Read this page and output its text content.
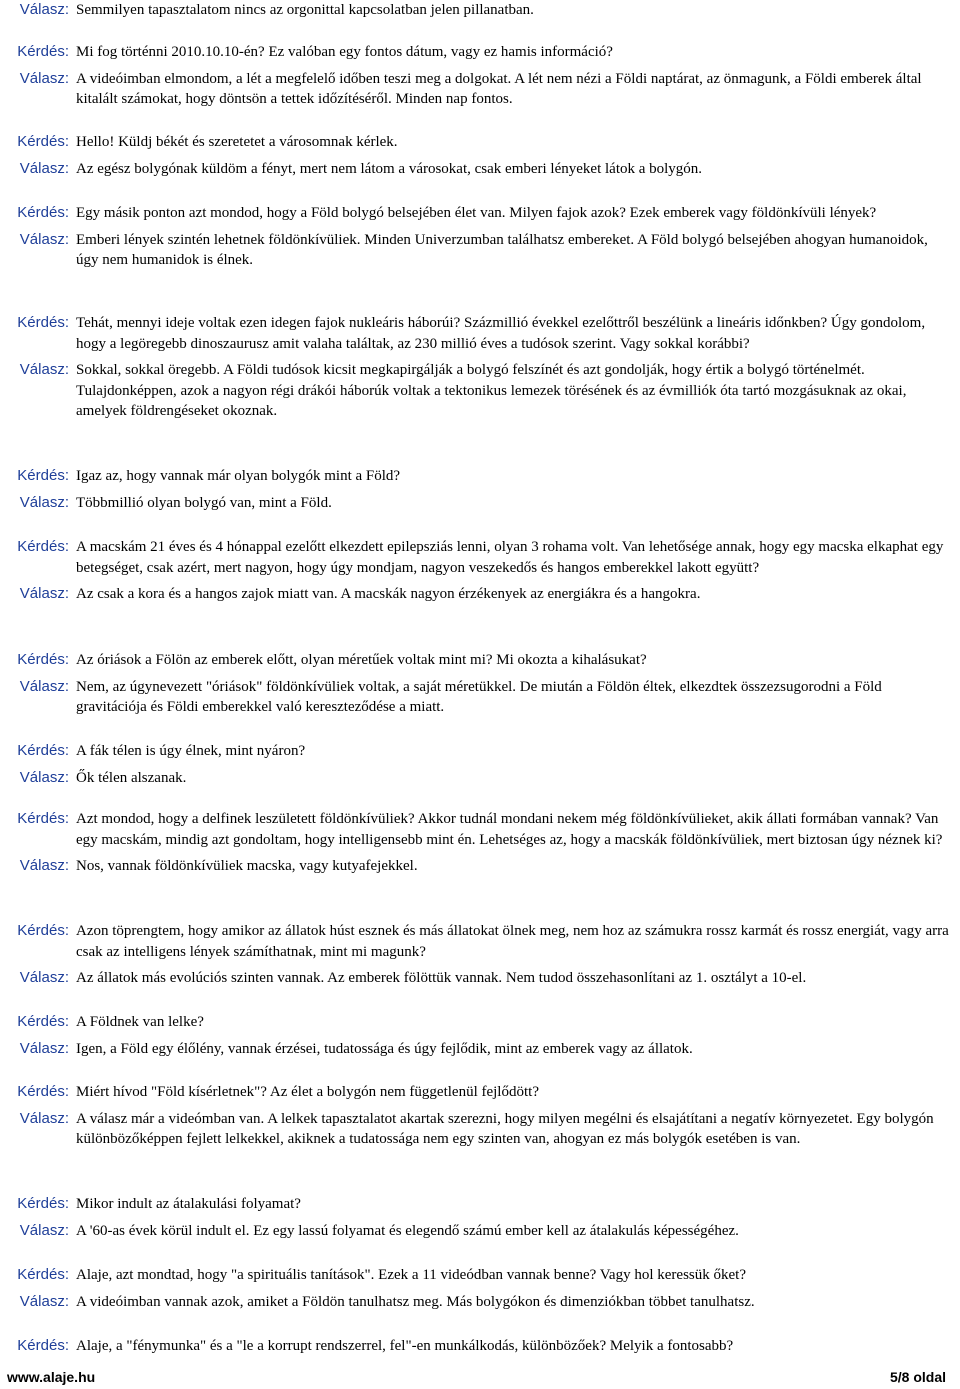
Válasz: Semmilyen tapasztalatom nincs az orgonittal kapcsolatban jelen pillanatban.
Kérdés: Mi fog történni 2010.10.10-én? Ez valóban egy fontos dátum, vagy ez hamis információ?
Válasz: A videóimban elmondom, a lét a megfelelő időben teszi meg a dolgokat. A lét nem nézi a Földi naptárat, az önmagunk, a Földi emberek által kitalált számokat, hogy döntsön a tettek időzítéséről. Minden nap fontos.
Kérdés: Hello! Küldj békét és szeretetet a városomnak kérlek.
Válasz: Az egész bolygónak küldöm a fényt, mert nem látom a városokat, csak emberi lényeket látok a bolygón.
Kérdés: Egy másik ponton azt mondod, hogy a Föld bolygó belsejében élet van. Milyen fajok azok? Ezek emberek vagy földönkívüli lények?
Válasz: Emberi lények szintén lehetnek földönkívüliek. Minden Univerzumban találhatsz embereket. A Föld bolygó belsejében ahogyan humanoidok, úgy nem humanidok is élnek.
Kérdés: Tehát, mennyi ideje voltak ezen idegen fajok nukleáris háborúi? Százmillió évekkel ezelőttről beszélünk a lineáris időnkben? Úgy gondolom, hogy a legöregebb dinoszaurusz amit valaha találtak, az 230 millió éves a tudósok szerint. Vagy sokkal korábbi?
Válasz: Sokkal, sokkal öregebb. A Földi tudósok kicsit megkapirgálják a bolygó felszínét és azt gondolják, hogy értik a bolygó történelmét. Tulajdonképpen, azok a nagyon régi drákói háborúk voltak a tektonikus lemezek törésének és az évmilliók óta tartó mozgásuknak az okai, amelyek földrengéseket okoznak.
Kérdés: Igaz az, hogy vannak már olyan bolygók mint a Föld?
Válasz: Többmillió olyan bolygó van, mint a Föld.
Kérdés: A macskám 21 éves és 4 hónappal ezelőtt elkezdett epilepsziás lenni, olyan 3 rohama volt. Van lehetősége annak, hogy egy macska elkaphat egy betegséget, csak azért, mert nagyon, hogy úgy mondjam, nagyon veszekedős és hangos emberekkel lakott együtt?
Válasz: Az csak a kora és a hangos zajok miatt van. A macskák nagyon érzékenyek az energiákra és a hangokra.
Kérdés: Az óriások a Fölön az emberek előtt, olyan méretűek voltak mint mi? Mi okozta a kihalásukat?
Válasz: Nem, az úgynevezett "óriások" földönkívüliek voltak, a saját méretükkel. De miután a Földön éltek, elkezdtek összezsugorodni a Föld gravitációja és Földi emberekkel való kereszteződése a miatt.
Kérdés: A fák télen is úgy élnek, mint nyáron?
Válasz: Ők télen alszanak.
Kérdés: Azt mondod, hogy a delfinek leszületett földönkívüliek? Akkor tudnál mondani nekem még földönkívülieket, akik állati formában vannak? Van egy macskám, mindig azt gondoltam, hogy intelligensebb mint én. Lehetséges az, hogy a macskák földönkívüliek, mert biztosan úgy néznek ki?
Válasz: Nos, vannak földönkívüliek macska, vagy kutyafejekkel.
Kérdés: Azon töprengtem, hogy amikor az állatok húst esznek és más állatokat ölnek meg, nem hoz az számukra rossz karmát és rossz energiát, vagy arra csak az intelligens lények számíthatnak, mint mi magunk?
Válasz: Az állatok más evolúciós szinten vannak. Az emberek fölöttük vannak. Nem tudod összehasonlítani az 1. osztályt a 10-el.
Kérdés: A Földnek van lelke?
Válasz: Igen, a Föld egy élőlény, vannak érzései, tudatossága és úgy fejlődik, mint az emberek vagy az állatok.
Kérdés: Miért hívod "Föld kísérletnek"? Az élet a bolygón nem függetlenül fejlődött?
Válasz: A válasz már a videómban van. A lelkek tapasztalatot akartak szerezni, hogy milyen megélni és elsajátítani a negatív környezetet. Egy bolygón különbözőképpen fejlett lelkekkel, akiknek a tudatossága nem egy szinten van, ahogyan ez más bolygók esetében is van.
Kérdés: Mikor indult az átalakulási folyamat?
Válasz: A '60-as évek körül indult el. Ez egy lassú folyamat és elegendő számú ember kell az átalakulás képességéhez.
Kérdés: Alaje, azt mondtad, hogy "a spirituális tanítások". Ezek a 11 videódban vannak benne? Vagy hol keressük őket?
Válasz: A videóimban vannak azok, amiket a Földön tanulhatsz meg. Más bolygókon és dimenziókban többet tanulhatsz.
Kérdés: Alaje, a "fénymunka" és a "le a korrupt rendszerrel, fel"-en munkálkodás, különbözőek? Melyik a fontosabb?
www.alaje.hu	5/8 oldal
